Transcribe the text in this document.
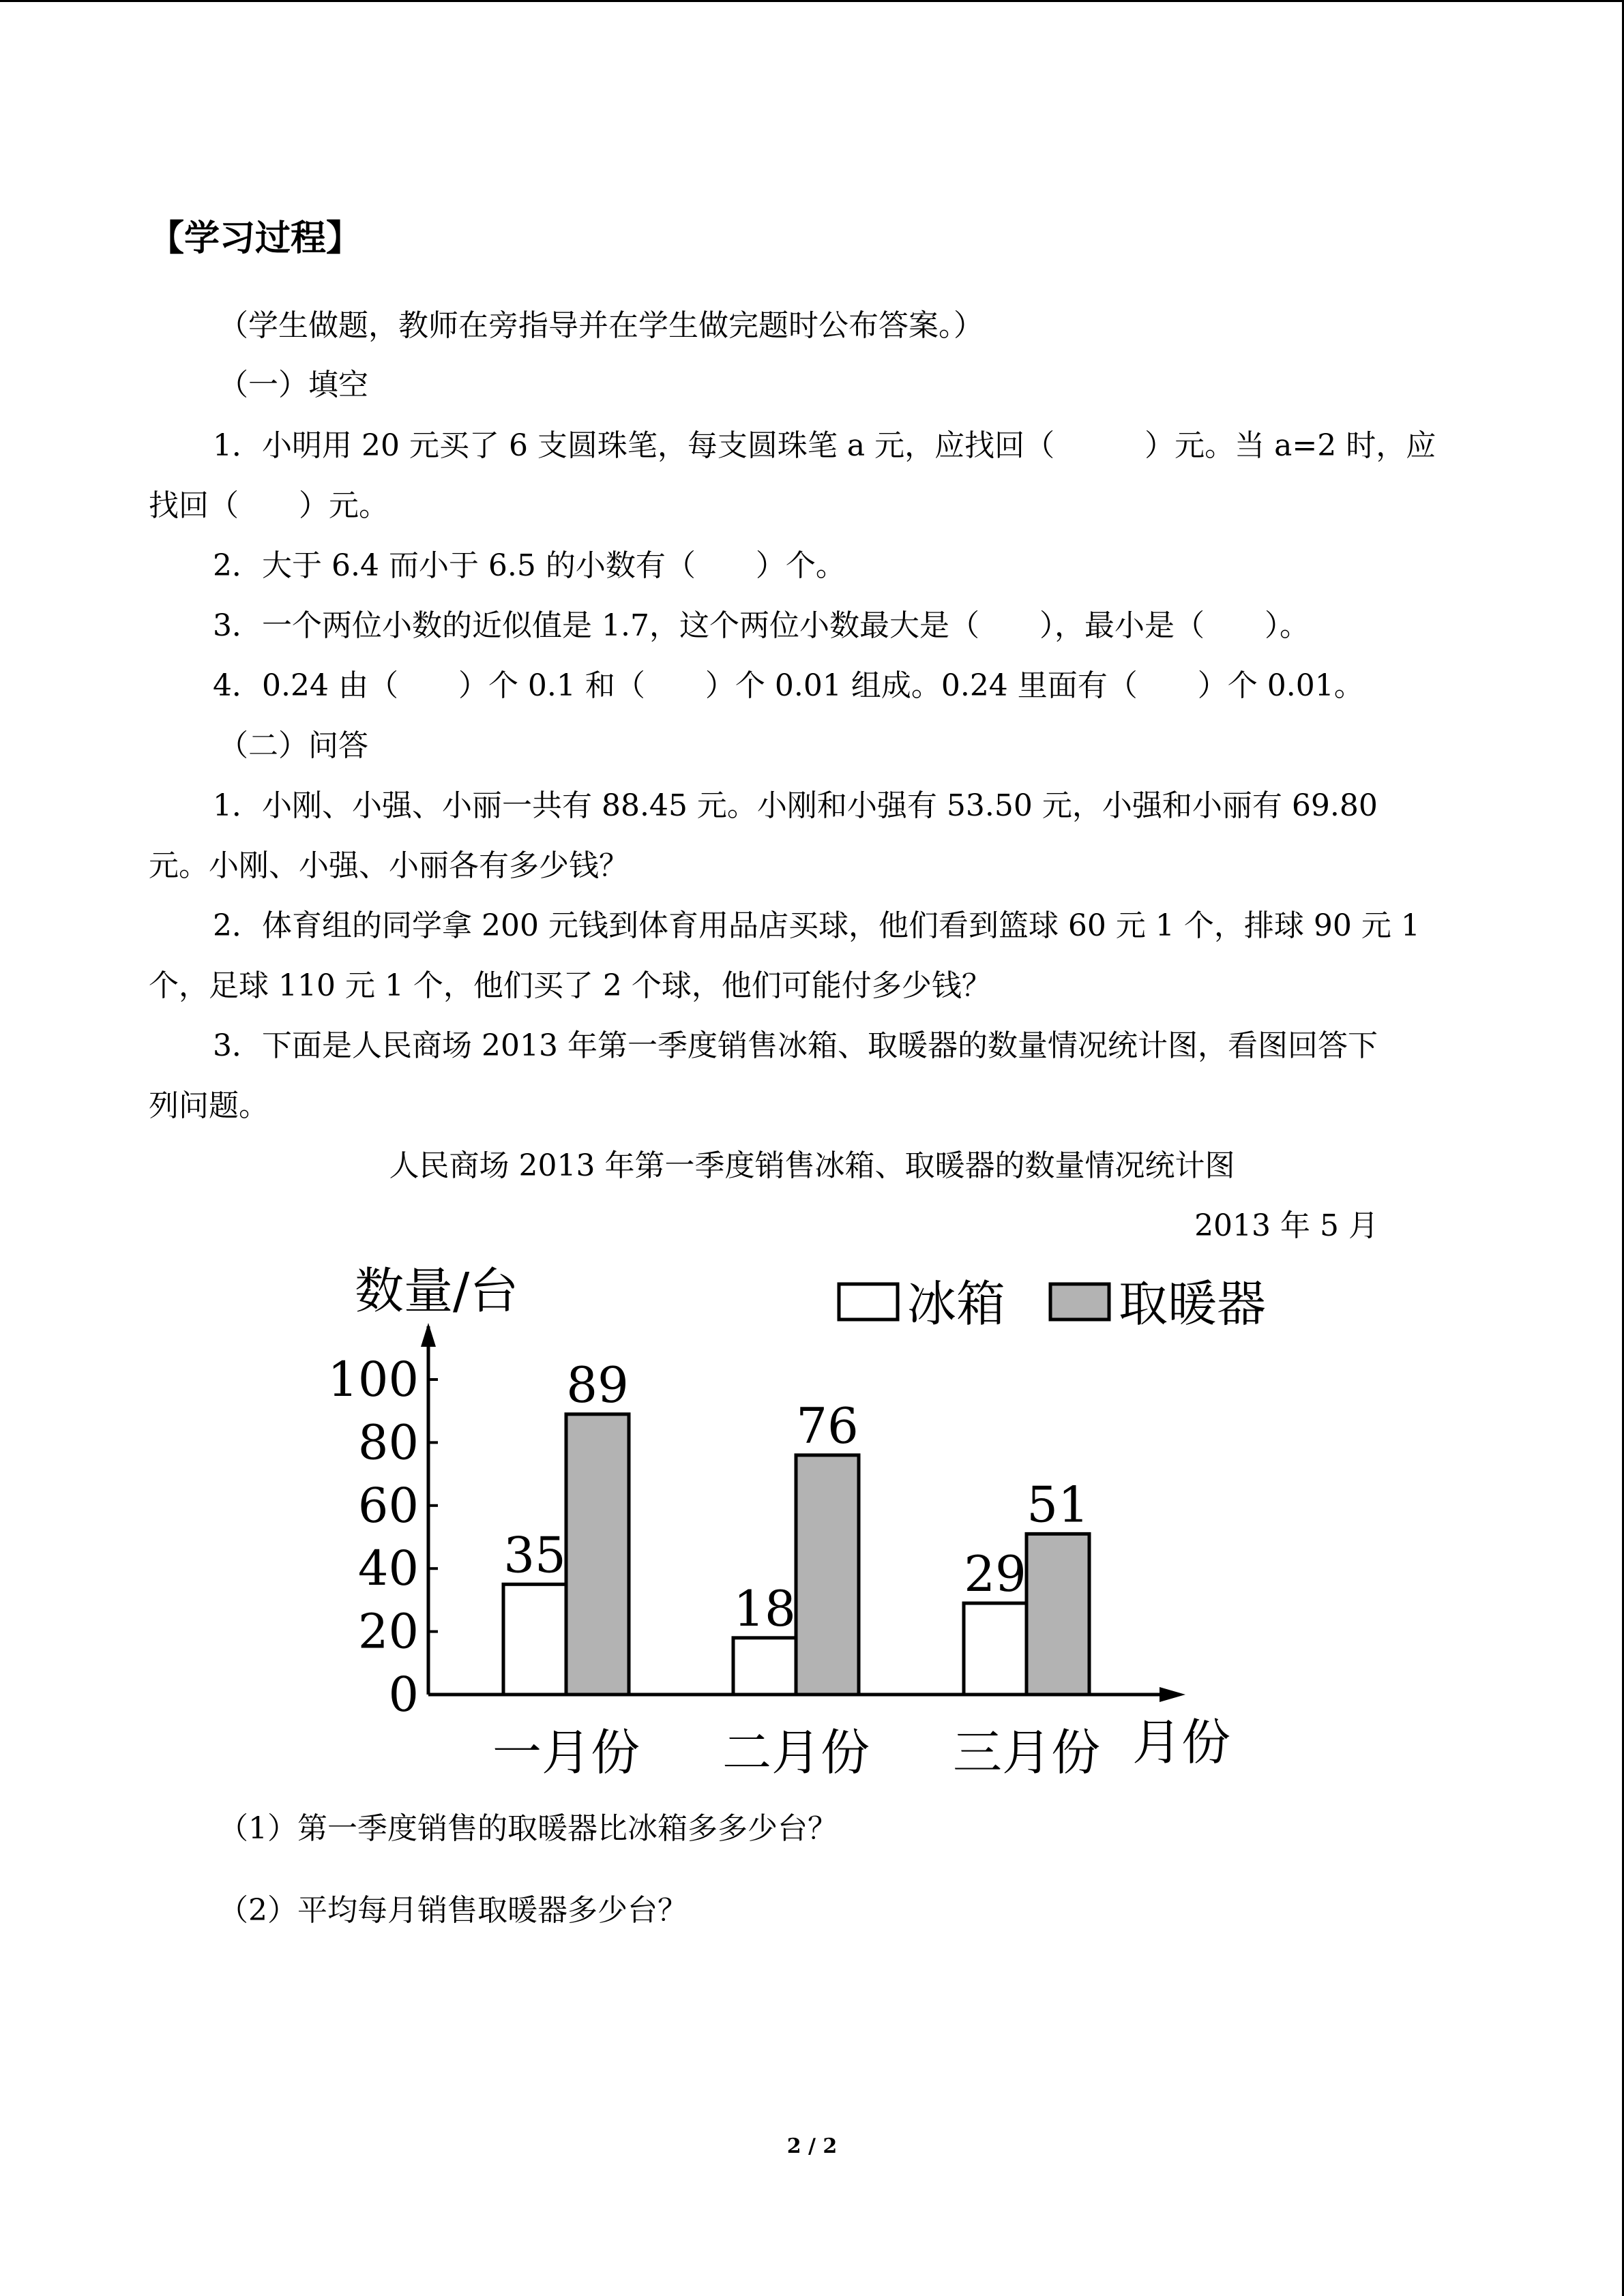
【学习过程】
（学生做题，教师在旁指导并在学生做完题时公布答案。）
（一）填空
1．小明用 20 元买了 6 支圆珠笔，每支圆珠笔 a 元，应找回（　　　）元。当 a=2 时，应
找回（　　）元。
2．大于 6.4 而小于 6.5 的小数有（　　）个。
3．一个两位小数的近似值是 1.7，这个两位小数最大是（　　），最小是（　　）。
4．0.24 由（　　）个 0.1 和（　　）个 0.01 组成。0.24 里面有（　　）个 0.01。
（二）问答
1．小刚、小强、小丽一共有 88.45 元。小刚和小强有 53.50 元，小强和小丽有 69.80
元。小刚、小强、小丽各有多少钱？
2．体育组的同学拿 200 元钱到体育用品店买球，他们看到篮球 60 元 1 个，排球 90 元 1
个，足球 110 元 1 个，他们买了 2 个球，他们可能付多少钱？
3．下面是人民商场 2013 年第一季度销售冰箱、取暖器的数量情况统计图，看图回答下
列问题。
人民商场 2013 年第一季度销售冰箱、取暖器的数量情况统计图
2013 年 5 月
0
20
40
60
80
100
数量/台
35
89
一月份
18
76
二月份
29
51
三月份 月份
冰箱 取暖器
（1）第一季度销售的取暖器比冰箱多多少台？
（2）平均每月销售取暖器多少台？
2 / 2
